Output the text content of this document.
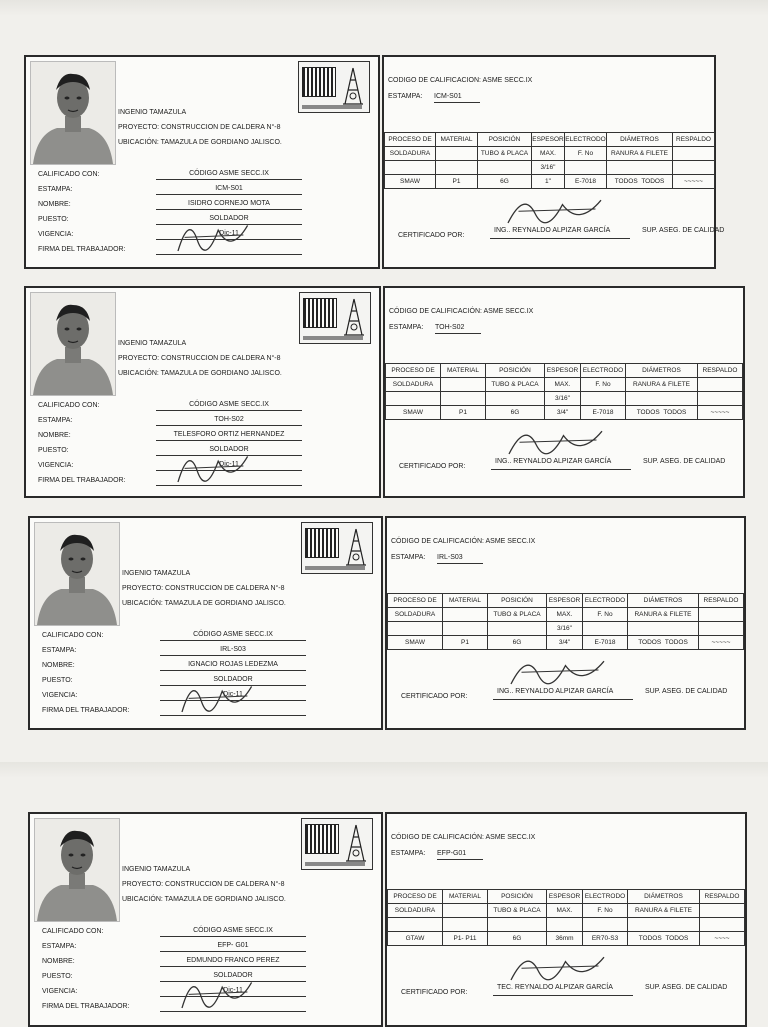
INGENIO TAMAZULA
PROYECTO: CONSTRUCCION DE CALDERA N°-8
UBICACIÓN: TAMAZULA DE GORDIANO JALISCO.
CALIFICADO CON:	CÓDIGO ASME SECC.IX
ESTAMPA:	ICM-S01
NOMBRE:	ISIDRO CORNEJO MOTA
PUESTO:	SOLDADOR
VIGENCIA:	Dic-11
FIRMA DEL TRABAJADOR:
CODIGO DE CALIFICACION: ASME SECC.IX
ESTAMPA: ICM-S01
PROCESO DE	MATERIAL	POSICIÓN	ESPESOR	ELECTRODO	DIÁMETROS	RESPALDO
SOLDADURA		TUBO & PLACA	MAX.	F. No	RANURA & FILETE	
			3/16"			
SMAW	P1	6G	1"	E-7018	TODOS TODOS	~~~~~
CERTIFICADO POR:
ING.. REYNALDO ALPIZAR GARCÍA	SUP. ASEG. DE CALIDAD
INGENIO TAMAZULA
PROYECTO: CONSTRUCCION DE CALDERA N°-8
UBICACIÓN: TAMAZULA DE GORDIANO JALISCO.
CALIFICADO CON:	CÓDIGO ASME SECC.IX
ESTAMPA:	TOH-S02
NOMBRE:	TELESFORO ORTIZ HERNANDEZ
PUESTO:	SOLDADOR
VIGENCIA:	Dic-11
FIRMA DEL TRABAJADOR:
CÓDIGO DE CALIFICACIÓN: ASME SECC.IX
ESTAMPA: TOH-S02
PROCESO DE	MATERIAL	POSICIÓN	ESPESOR	ELECTRODO	DIÁMETROS	RESPALDO
SOLDADURA		TUBO & PLACA	MAX.	F. No	RANURA & FILETE	
			3/16"			
SMAW	P1	6G	3/4"	E-7018	TODOS TODOS	~~~~~
CERTIFICADO POR:
ING.. REYNALDO ALPIZAR GARCÍA	SUP. ASEG. DE CALIDAD
INGENIO TAMAZULA
PROYECTO: CONSTRUCCION DE CALDERA N°-8
UBICACIÓN: TAMAZULA DE GORDIANO JALISCO.
CALIFICADO CON:	CÓDIGO ASME SECC.IX
ESTAMPA:	IRL-S03
NOMBRE:	IGNACIO ROJAS LEDEZMA
PUESTO:	SOLDADOR
VIGENCIA:	Dic-11
FIRMA DEL TRABAJADOR:
CÓDIGO DE CALIFICACIÓN: ASME SECC.IX
ESTAMPA: IRL-S03
PROCESO DE	MATERIAL	POSICIÓN	ESPESOR	ELECTRODO	DIÁMETROS	RESPALDO
SOLDADURA		TUBO & PLACA	MAX.	F. No	RANURA & FILETE	
			3/16"			
SMAW	P1	6G	3/4"	E-7018	TODOS TODOS	~~~~~
CERTIFICADO POR:
ING.. REYNALDO ALPIZAR GARCÍA	SUP. ASEG. DE CALIDAD
INGENIO TAMAZULA
PROYECTO: CONSTRUCCION DE CALDERA N°-8
UBICACIÓN: TAMAZULA DE GORDIANO JALISCO.
CALIFICADO CON:	CÓDIGO ASME SECC.IX
ESTAMPA:	EFP- G01
NOMBRE:	EDMUNDO FRANCO PEREZ
PUESTO:	SOLDADOR
VIGENCIA:	Dic-11
FIRMA DEL TRABAJADOR:
CÓDIGO DE CALIFICACIÓN: ASME SECC.IX
ESTAMPA: EFP-G01
PROCESO DE	MATERIAL	POSICIÓN	ESPESOR	ELECTRODO	DIÁMETROS	RESPALDO
SOLDADURA		TUBO & PLACA	MAX.	F. No	RANURA & FILETE	

GTAW	P1- P11	6G	36mm	ER70-S3	TODOS TODOS	~~~~
CERTIFICADO POR:
TEC. REYNALDO ALPIZAR GARCÍA	SUP. ASEG. DE CALIDAD
